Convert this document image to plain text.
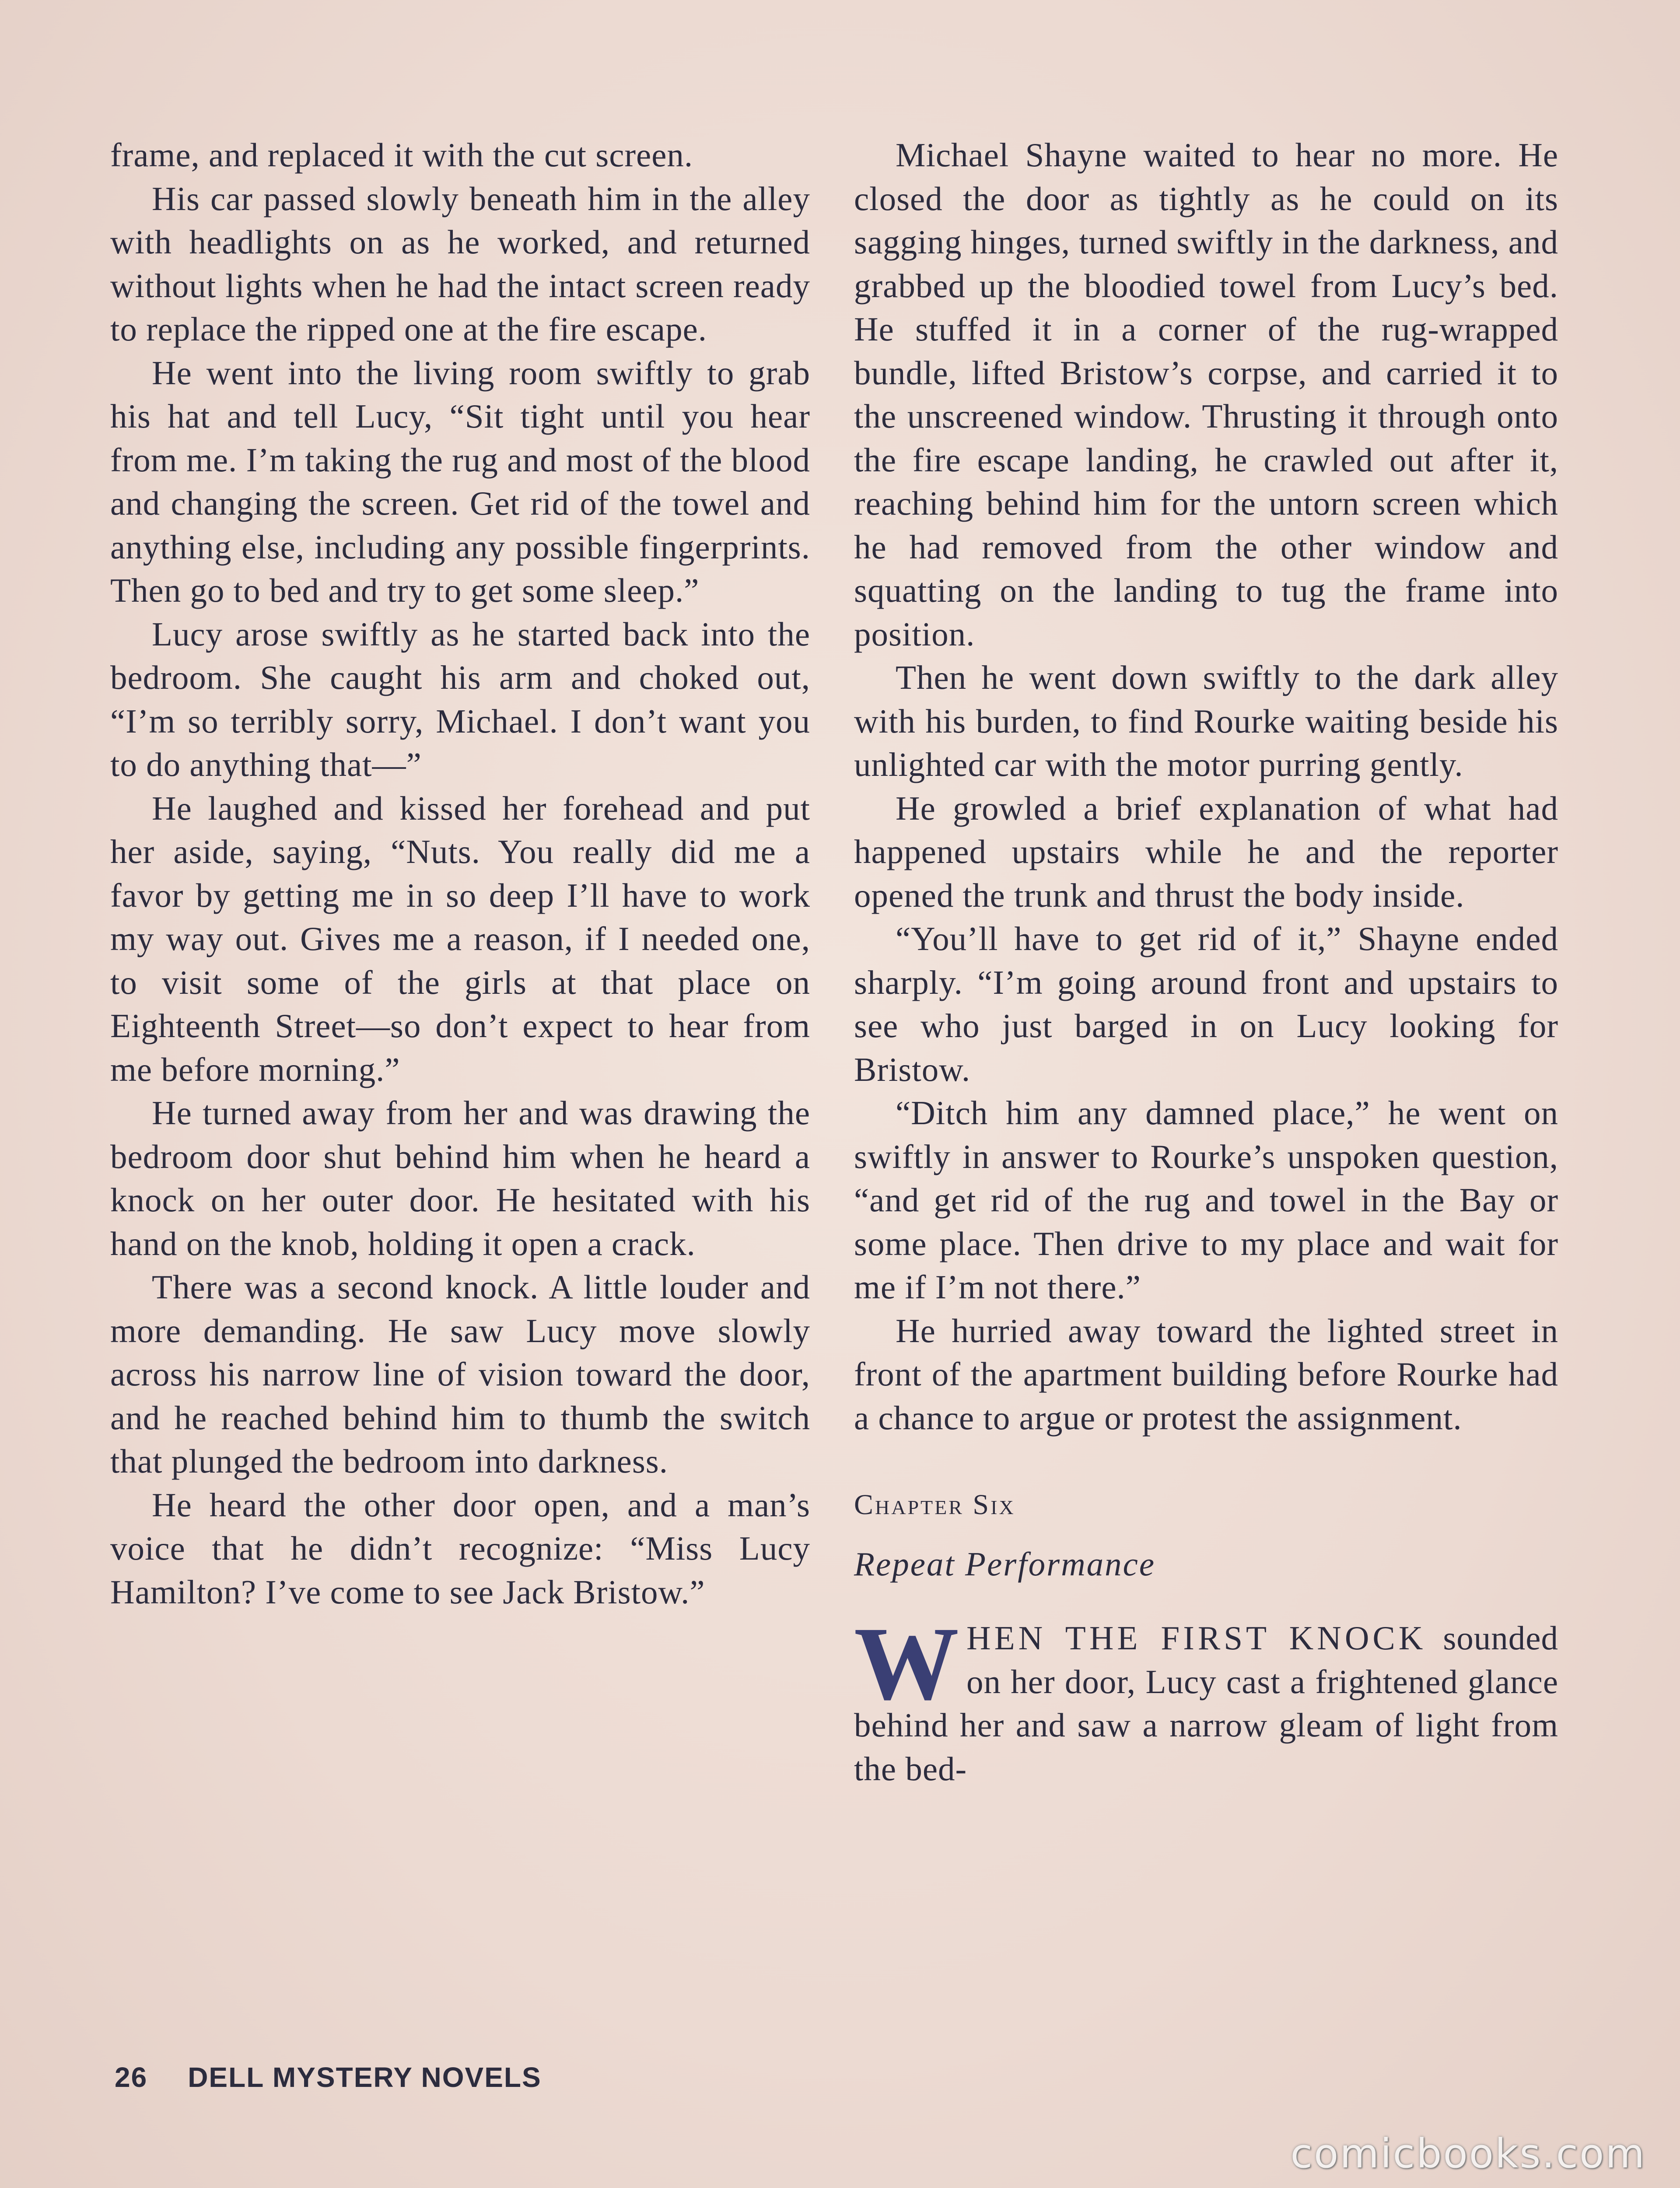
frame, and replaced it with the cut screen.

His car passed slowly beneath him in the alley with headlights on as he worked, and returned without lights when he had the intact screen ready to replace the ripped one at the fire escape.

He went into the living room swiftly to grab his hat and tell Lucy, “Sit tight until you hear from me. I’m taking the rug and most of the blood and changing the screen. Get rid of the towel and anything else, including any possible fingerprints. Then go to bed and try to get some sleep.”

Lucy arose swiftly as he started back into the bedroom. She caught his arm and choked out, “I’m so terribly sorry, Michael. I don’t want you to do anything that—”

He laughed and kissed her forehead and put her aside, saying, “Nuts. You really did me a favor by getting me in so deep I’ll have to work my way out. Gives me a reason, if I needed one, to visit some of the girls at that place on Eighteenth Street—so don’t expect to hear from me before morning.”

He turned away from her and was drawing the bedroom door shut behind him when he heard a knock on her outer door. He hesitated with his hand on the knob, holding it open a crack.

There was a second knock. A little louder and more demanding. He saw Lucy move slowly across his narrow line of vision toward the door, and he reached behind him to thumb the switch that plunged the bedroom into darkness.

He heard the other door open, and a man’s voice that he didn’t recognize: “Miss Lucy Hamilton? I’ve come to see Jack Bristow.”

Michael Shayne waited to hear no more. He closed the door as tightly as he could on its sagging hinges, turned swiftly in the darkness, and grabbed up the bloodied towel from Lucy’s bed. He stuffed it in a corner of the rug-wrapped bundle, lifted Bristow’s corpse, and carried it to the unscreened window. Thrusting it through onto the fire escape landing, he crawled out after it, reaching behind him for the untorn screen which he had removed from the other window and squatting on the landing to tug the frame into position.

Then he went down swiftly to the dark alley with his burden, to find Rourke waiting beside his unlighted car with the motor purring gently.

He growled a brief explanation of what had happened upstairs while he and the reporter opened the trunk and thrust the body inside.

“You’ll have to get rid of it,” Shayne ended sharply. “I’m going around front and upstairs to see who just barged in on Lucy looking for Bristow.

“Ditch him any damned place,” he went on swiftly in answer to Rourke’s unspoken question, “and get rid of the rug and towel in the Bay or some place. Then drive to my place and wait for me if I’m not there.”

He hurried away toward the lighted street in front of the apartment building before Rourke had a chance to argue or protest the assignment.

Chapter Six

Repeat Performance

WHEN THE FIRST KNOCK sounded on her door, Lucy cast a frightened glance behind her and saw a narrow gleam of light from the bed-

26 DELL MYSTERY NOVELS
comicbooks.com
